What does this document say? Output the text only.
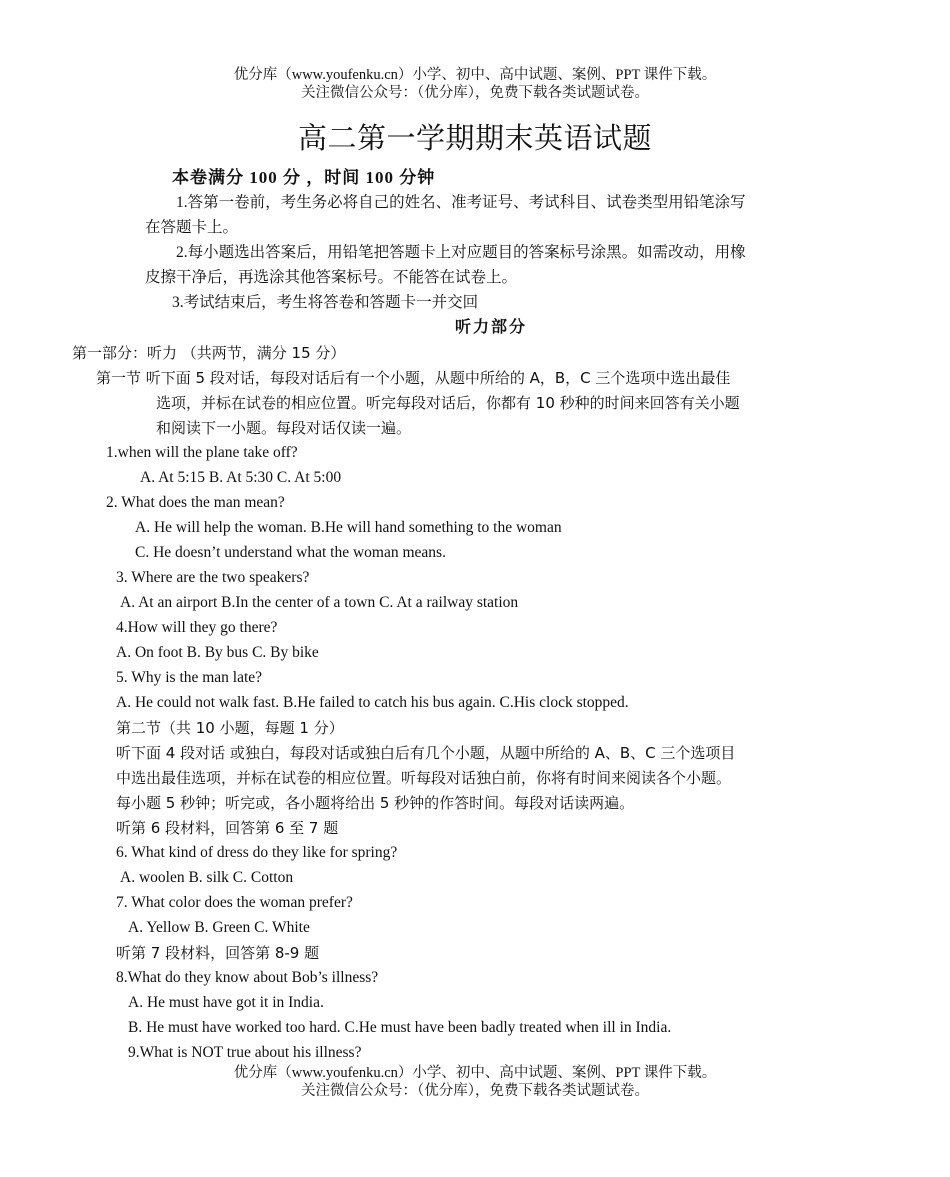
优分库（www.youfenku.cn）小学、初中、高中试题、案例、PPT 课件下载。
关注微信公众号：（优分库），免费下载各类试题试卷。
高二第一学期期末英语试题
本卷满分 100 分 ，时间 100 分钟
1.答第一卷前，考生务必将自己的姓名、准考证号、考试科目、试卷类型用铅笔涂写
在答题卡上。
2.每小题选出答案后，用铅笔把答题卡上对应题目的答案标号涂黑。如需改动，用橡
皮擦干净后，再选涂其他答案标号。不能答在试卷上。
3.考试结束后，考生将答卷和答题卡一并交回
听力部分
第一部分：听力 （共两节，满分 15 分）
第一节 听下面 5 段对话，每段对话后有一个小题，从题中所给的 A，B，C 三个选项中选出最佳
选项，并标在试卷的相应位置。听完每段对话后，你都有 10 秒种的时间来回答有关小题
和阅读下一小题。每段对话仅读一遍。
1.when will the plane take off?
A. At 5:15 B. At 5:30 C. At 5:00
2. What does the man mean?
A. He will help the woman. B.He will hand something to the woman
C. He doesn’t understand what the woman means.
3. Where are the two speakers?
A. At an airport B.In the center of a town C. At a railway station
4.How will they go there?
A. On foot B. By bus C. By bike
5. Why is the man late?
A. He could not walk fast. B.He failed to catch his bus again. C.His clock stopped.
第二节（共 10 小题，每题 1 分）
听下面 4 段对话 或独白，每段对话或独白后有几个小题，从题中所给的 A、B、C 三个选项目
中选出最佳选项，并标在试卷的相应位置。听每段对话独白前，你将有时间来阅读各个小题。
每小题 5 秒钟；听完或，各小题将给出 5 秒钟的作答时间。每段对话读两遍。
听第 6 段材料，回答第 6 至 7 题
6. What kind of dress do they like for spring?
A. woolen B. silk C. Cotton
7. What color does the woman prefer?
A. Yellow B. Green C. White
听第 7 段材料，回答第 8-9 题
8.What do they know about Bob’s illness?
A. He must have got it in India.
B. He must have worked too hard. C.He must have been badly treated when ill in India.
9.What is NOT true about his illness?
优分库（www.youfenku.cn）小学、初中、高中试题、案例、PPT 课件下载。
关注微信公众号：（优分库），免费下载各类试题试卷。
